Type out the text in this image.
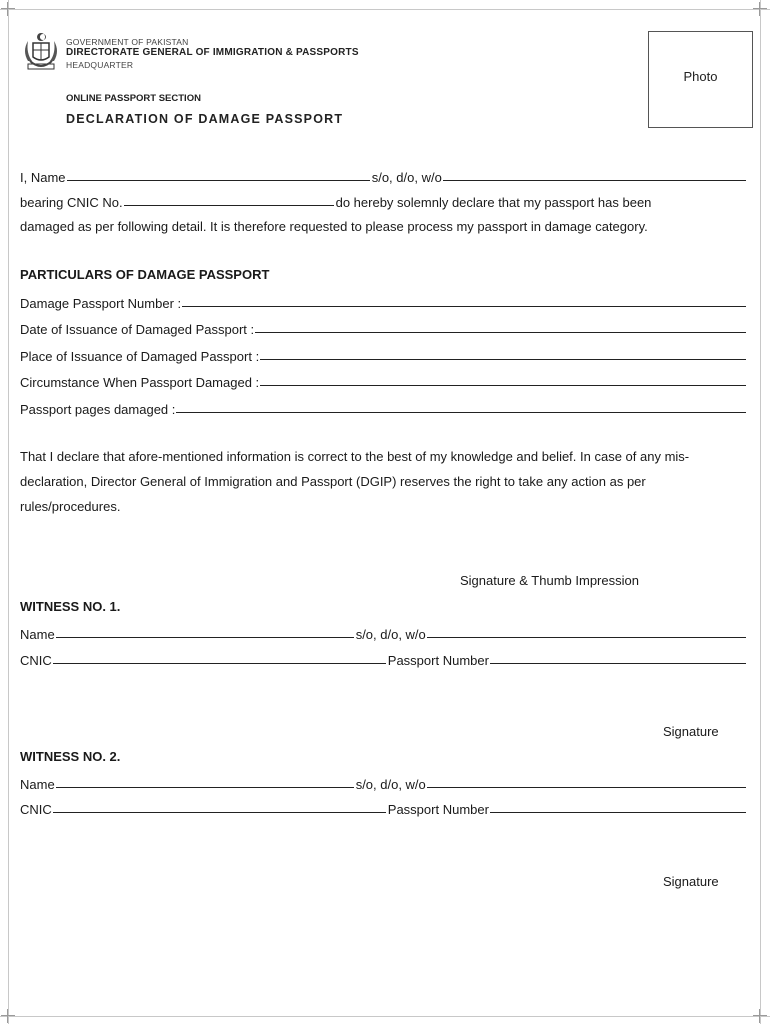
GOVERNMENT OF PAKISTAN
DIRECTORATE GENERAL OF IMMIGRATION & PASSPORTS
HEADQUARTER
ONLINE PASSPORT SECTION
DECLARATION OF DAMAGE PASSPORT
Photo
I, Name	s/o, d/o, w/o
bearing CNIC No.	do hereby solemnly declare that my passport has been
damaged as per following detail. It is therefore requested to please process my passport in damage category.
PARTICULARS OF DAMAGE PASSPORT
Damage Passport Number :
Date of Issuance of Damaged Passport :
Place of Issuance of Damaged Passport :
Circumstance When Passport Damaged :
Passport pages damaged :

That I declare that afore-mentioned information is correct to the best of my knowledge and belief. In case of any mis-declaration, Director General of Immigration and Passport (DGIP) reserves the right to take any action as per rules/procedures.

Signature & Thumb Impression
WITNESS NO. 1.
Name	s/o, d/o, w/o
CNIC	Passport Number
Signature
WITNESS NO. 2.
Name	s/o, d/o, w/o
CNIC	Passport Number
Signature
